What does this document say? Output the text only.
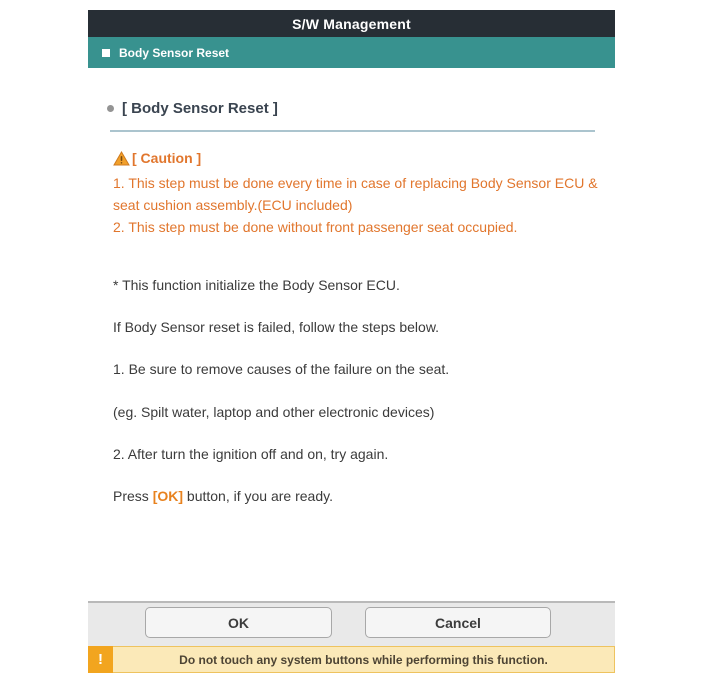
S/W Management
Body Sensor Reset
[ Body Sensor Reset ]
[ Caution ]
1. This step must be done every time in case of replacing Body Sensor ECU &
seat cushion assembly.(ECU included)
2. This step must be done without front passenger seat occupied.
* This function initialize the Body Sensor ECU.
If Body Sensor reset is failed, follow the steps below.
1. Be sure to remove causes of the failure on the seat.
(eg. Spilt water, laptop and other electronic devices)
2. After turn the ignition off and on, try again.
Press [OK] button, if you are ready.
OK	Cancel
!	Do not touch any system buttons while performing this function.
